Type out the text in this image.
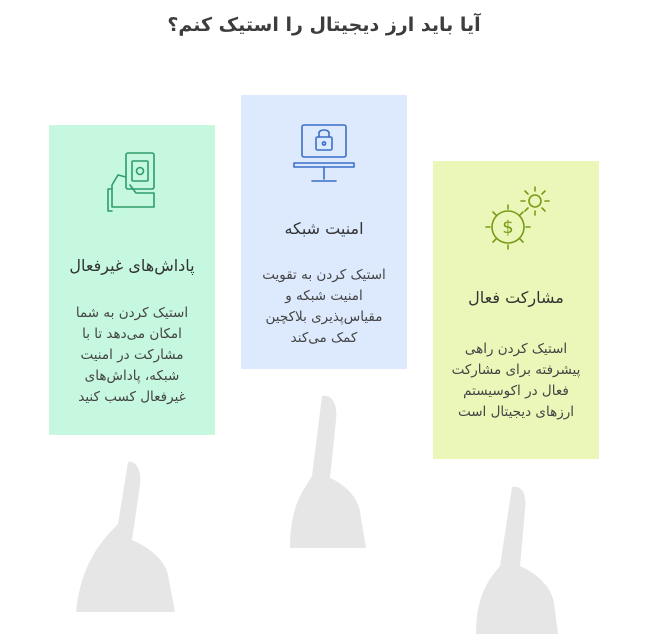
آیا باید ارز دیجیتال را استیک کنم؟
پاداش‌های غیرفعال
استیک کردن به شما
امکان می‌دهد تا با
مشارکت در امنیت
شبکه، پاداش‌های
غیرفعال کسب کنید
امنیت شبکه
استیک کردن به تقویت
امنیت شبکه و
مقیاس‌پذیری بلاکچین
کمک می‌کند
$
مشارکت فعال
استیک کردن راهی
پیشرفته برای مشارکت
فعال در اکوسیستم
ارزهای دیجیتال است
